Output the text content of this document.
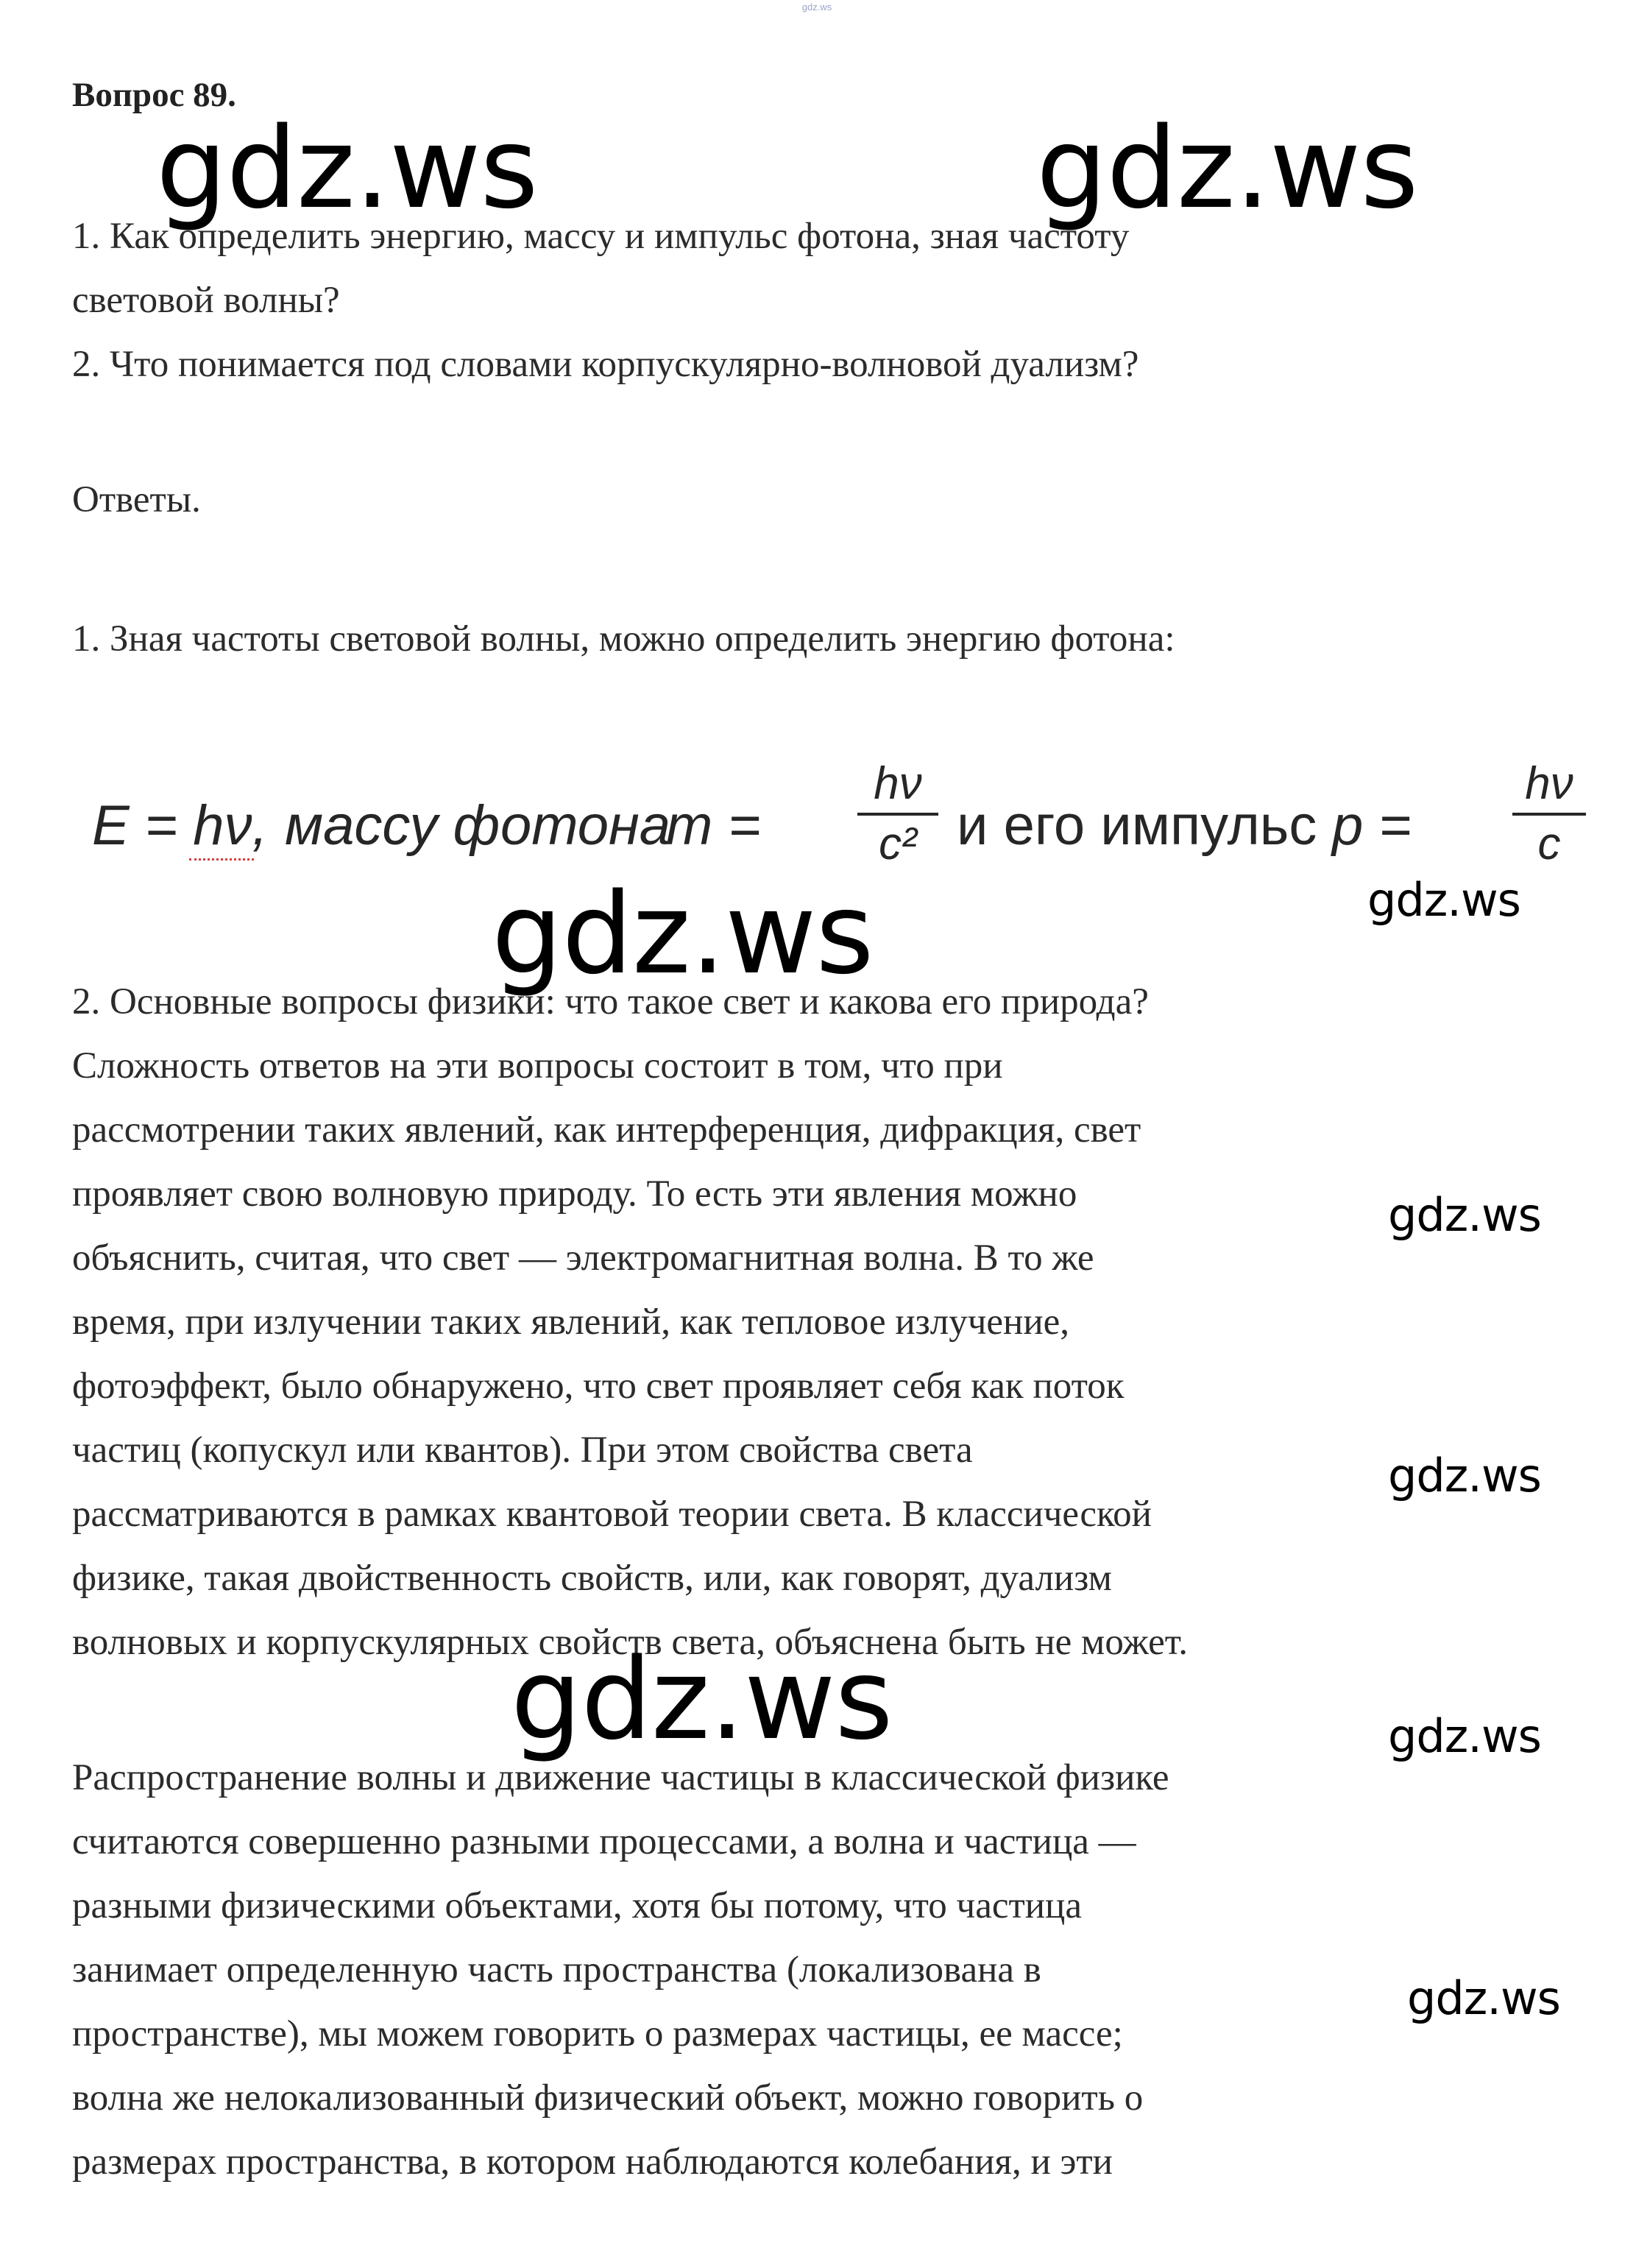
gdz.ws
Вопрос 89.
1. Как определить энергию, массу и импульс фотона, зная частоту
световой волны?
2. Что понимается под словами корпускулярно-волновой дуализм?
Ответы.
1. Зная частоты световой волны, можно определить энергию фотона:
E = hν, массу фотона
m =
hν
c² и его импульс p =
hν
c
2. Основные вопросы физики: что такое свет и какова его природа?
Сложность ответов на эти вопросы состоит в том, что при
рассмотрении таких явлений, как интерференция, дифракция, свет
проявляет свою волновую природу. То есть эти явления можно
объяснить, считая, что свет — электромагнитная волна. В то же
время, при излучении таких явлений, как тепловое излучение,
фотоэффект, было обнаружено, что свет проявляет себя как поток
частиц (копускул или квантов). При этом свойства света
рассматриваются в рамках квантовой теории света. В классической
физике, такая двойственность свойств, или, как говорят, дуализм
волновых и корпускулярных свойств света, объяснена быть не может.
Распространение волны и движение частицы в классической физике
считаются совершенно разными процессами, а волна и частица —
разными физическими объектами, хотя бы потому, что частица
занимает определенную часть пространства (локализована в
пространстве), мы можем говорить о размерах частицы, ее массе;
волна же нелокализованный физический объект, можно говорить о
размерах пространства, в котором наблюдаются колебания, и эти
gdz.ws	gdz.ws
gdz.ws	gdz.ws
gdz.ws
gdz.ws
gdz.ws	gdz.ws
gdz.ws
